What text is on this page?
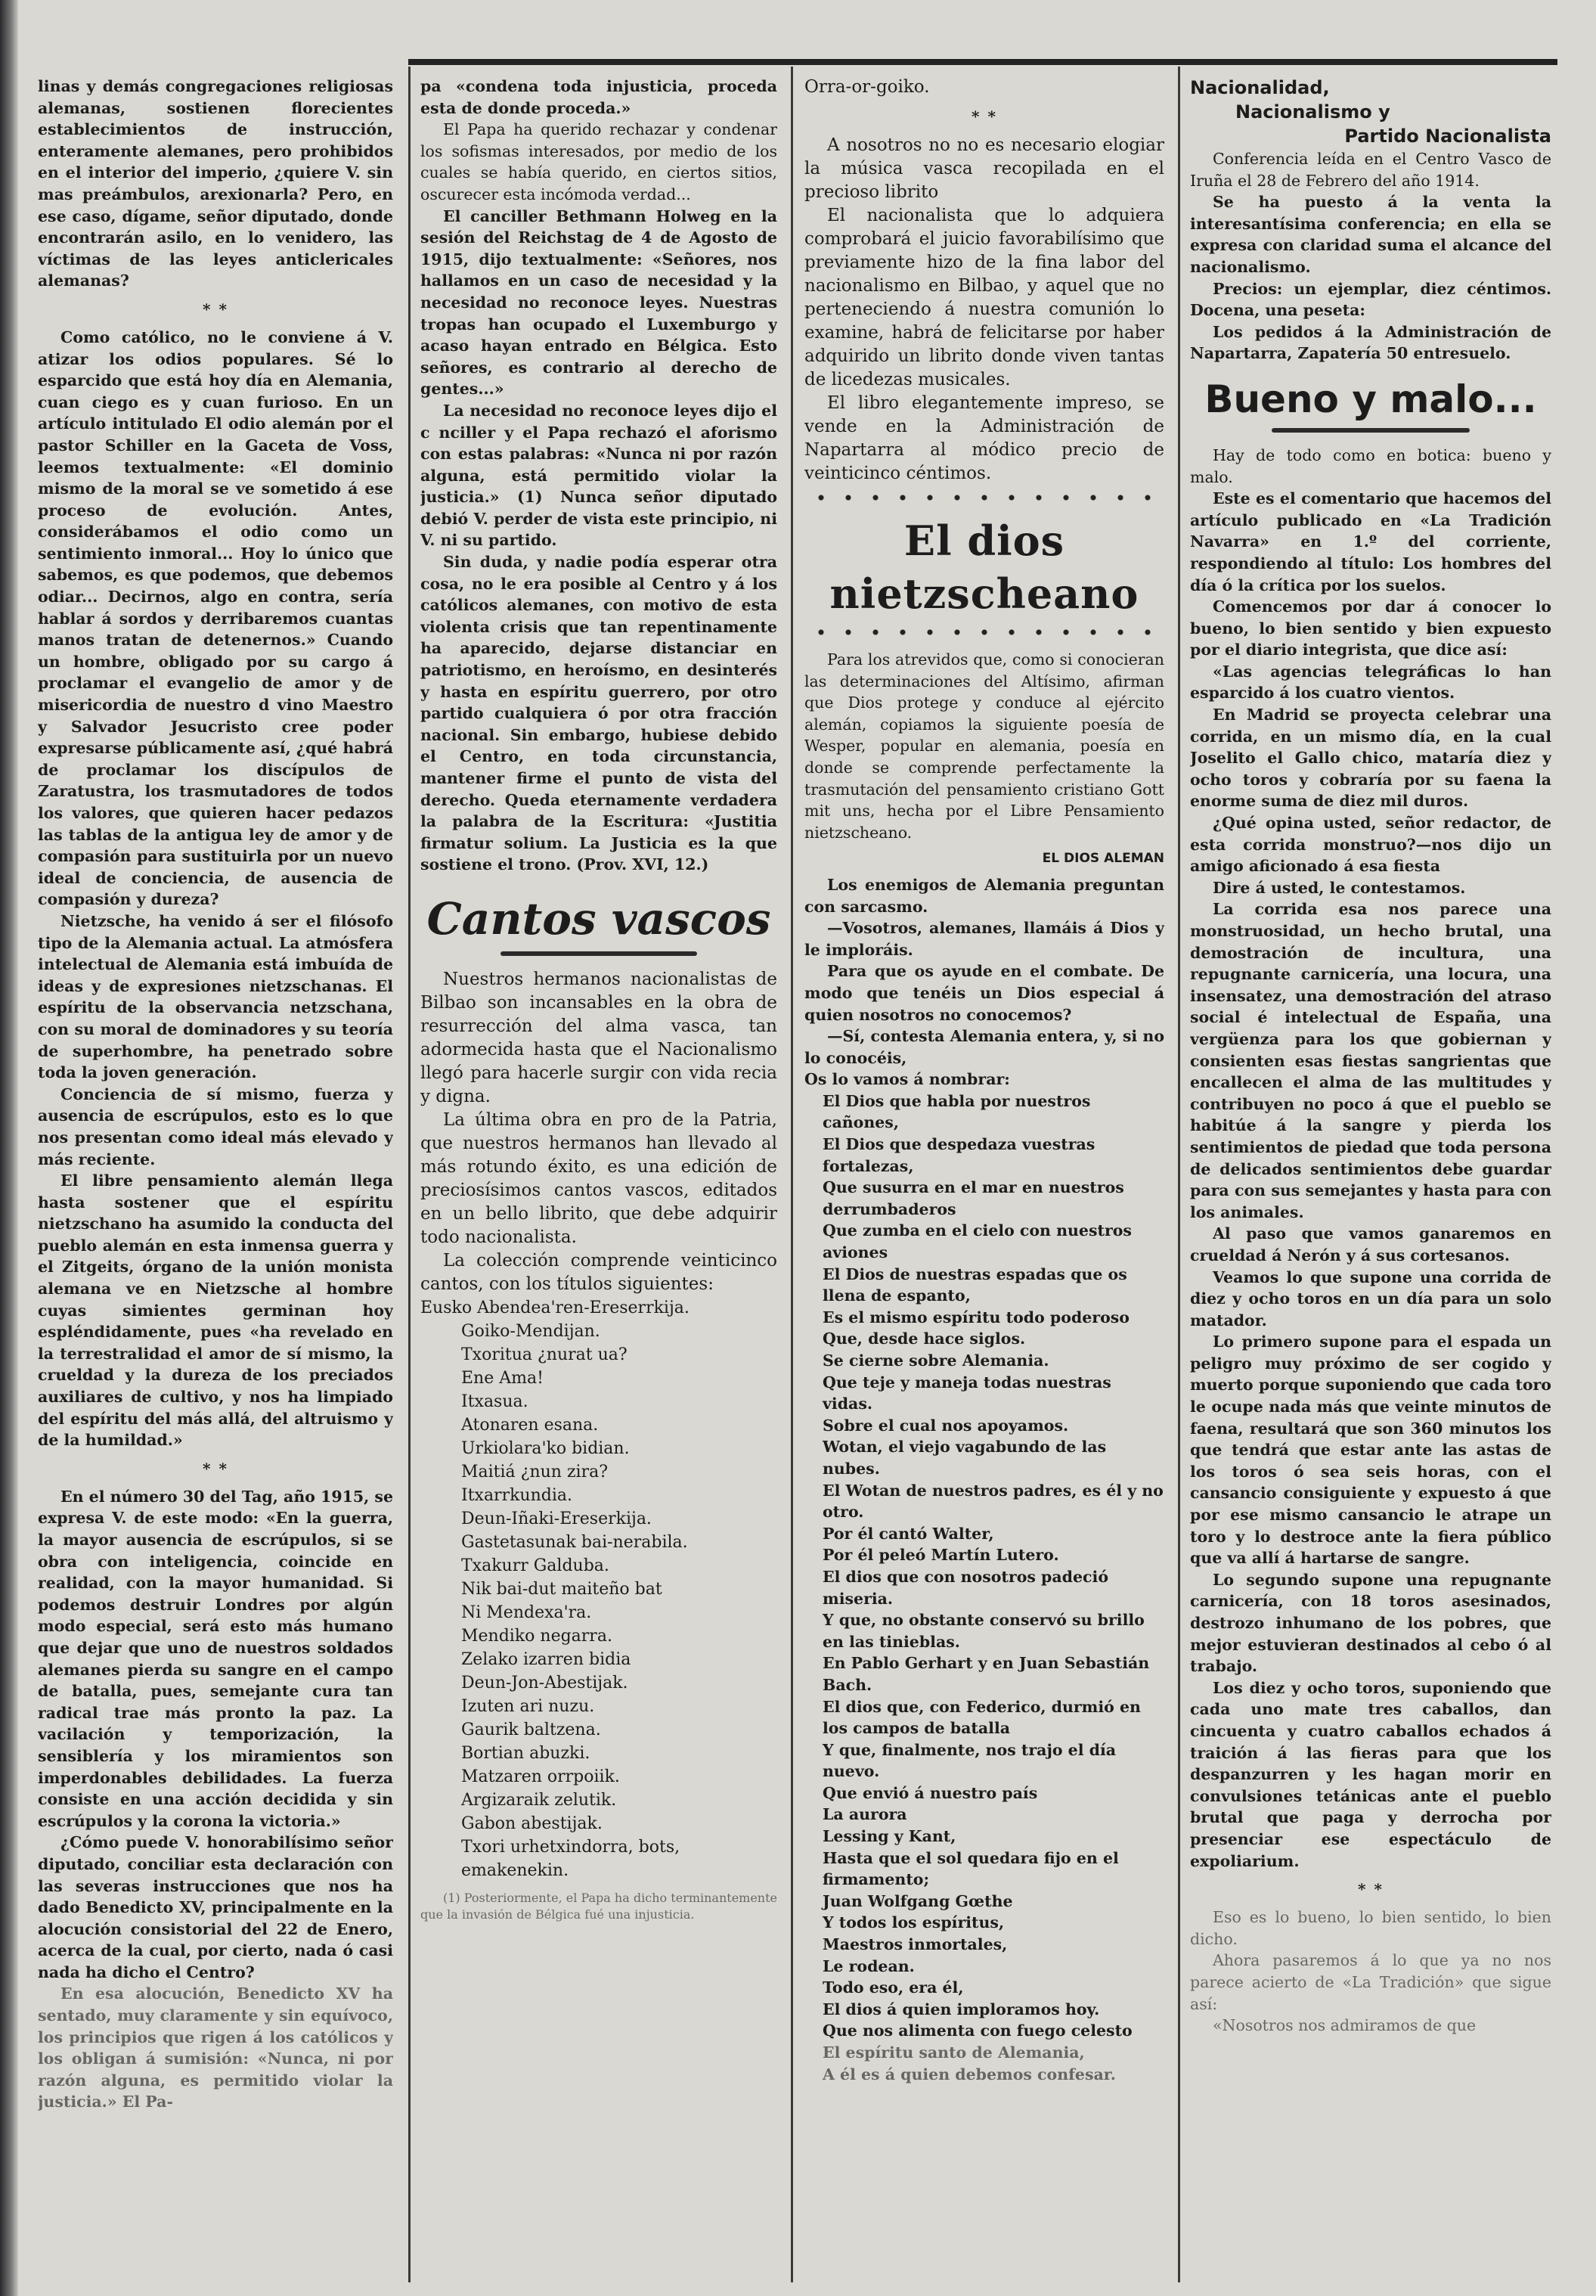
linas y demás congregaciones religiosas alemanas, sostienen florecientes establecimientos de instrucción, enteramente alemanes, pero prohibidos en el interior del imperio, ¿quiere V. sin mas preámbulos, arexionarla? Pero, en ese caso, dígame, señor diputado, donde encontrarán asilo, en lo venidero, las víctimas de las leyes anticlericales alemanas?

* *

Como católico, no le conviene á V. atizar los odios populares. Sé lo esparcido que está hoy día en Alemania, cuan ciego es y cuan furioso. En un artículo intitulado El odio alemán por el pastor Schiller en la Gaceta de Voss, leemos textualmente: «El dominio mismo de la moral se ve sometido á ese proceso de evolución. Antes, considerábamos el odio como un sentimiento inmoral... Hoy lo único que sabemos, es que podemos, que debemos odiar... Decirnos, algo en contra, sería hablar á sordos y derribaremos cuantas manos tratan de detenernos.» Cuando un hombre, obligado por su cargo á proclamar el evangelio de amor y de misericordia de nuestro d vino Maestro y Salvador Jesucristo cree poder expresarse públicamente así, ¿qué habrá de proclamar los discípulos de Zaratustra, los trasmutadores de todos los valores, que quieren hacer pedazos las tablas de la antigua ley de amor y de compasión para sustituirla por un nuevo ideal de conciencia, de ausencia de compasión y dureza?

Nietzsche, ha venido á ser el filósofo tipo de la Alemania actual. La atmósfera intelectual de Alemania está imbuída de ideas y de expresiones nietzschanas. El espíritu de la observancia netzschana, con su moral de dominadores y su teoría de superhombre, ha penetrado sobre toda la joven generación.

Conciencia de sí mismo, fuerza y ausencia de escrúpulos, esto es lo que nos presentan como ideal más elevado y más reciente.

El libre pensamiento alemán llega hasta sostener que el espíritu nietzschano ha asumido la conducta del pueblo alemán en esta inmensa guerra y el Zitgeits, órgano de la unión monista alemana ve en Nietzsche al hombre cuyas simientes germinan hoy espléndidamente, pues «ha revelado en la terrestralidad el amor de sí mismo, la crueldad y la dureza de los preciados auxiliares de cultivo, y nos ha limpiado del espíritu del más allá, del altruismo y de la humildad.»

* *

En el número 30 del Tag, año 1915, se expresa V. de este modo: «En la guerra, la mayor ausencia de escrúpulos, si se obra con inteligencia, coincide en realidad, con la mayor humanidad. Si podemos destruir Londres por algún modo especial, será esto más humano que dejar que uno de nuestros soldados alemanes pierda su sangre en el campo de batalla, pues, semejante cura tan radical trae más pronto la paz. La vacilación y temporización, la sensiblería y los miramientos son imperdonables debilidades. La fuerza consiste en una acción decidida y sin escrúpulos y la corona la victoria.»

¿Cómo puede V. honorabilísimo señor diputado, conciliar esta declaración con las severas instrucciones que nos ha dado Benedicto XV, principalmente en la alocución consistorial del 22 de Enero, acerca de la cual, por cierto, nada ó casi nada ha dicho el Centro?

En esa alocución, Benedicto XV ha sentado, muy claramente y sin equívoco, los principios que rigen á los católicos y los obligan á sumisión: «Nunca, ni por razón alguna, es permitido violar la justicia.» El Pa-

pa «condena toda injusticia, proceda esta de donde proceda.»

El Papa ha querido rechazar y condenar los sofismas interesados, por medio de los cuales se había querido, en ciertos sitios, oscurecer esta incómoda verdad...

El canciller Bethmann Holweg en la sesión del Reichstag de 4 de Agosto de 1915, dijo textualmente: «Señores, nos hallamos en un caso de necesidad y la necesidad no reconoce leyes. Nuestras tropas han ocupado el Luxemburgo y acaso hayan entrado en Bélgica. Esto señores, es contrario al derecho de gentes...»

La necesidad no reconoce leyes dijo el c nciller y el Papa rechazó el aforismo con estas palabras: «Nunca ni por razón alguna, está permitido violar la justicia.» (1) Nunca señor diputado debió V. perder de vista este principio, ni V. ni su partido.

Sin duda, y nadie podía esperar otra cosa, no le era posible al Centro y á los católicos alemanes, con motivo de esta violenta crisis que tan repentinamente ha aparecido, dejarse distanciar en patriotismo, en heroísmo, en desinterés y hasta en espíritu guerrero, por otro partido cualquiera ó por otra fracción nacional. Sin embargo, hubiese debido el Centro, en toda circunstancia, mantener firme el punto de vista del derecho. Queda eternamente verdadera la palabra de la Escritura: «Justitia firmatur solium. La Justicia es la que sostiene el trono. (Prov. XVI, 12.)

Cantos vascos

Nuestros hermanos nacionalistas de Bilbao son incansables en la obra de resurrección del alma vasca, tan adormecida hasta que el Nacionalismo llegó para hacerle surgir con vida recia y digna.

La última obra en pro de la Patria, que nuestros hermanos han llevado al más rotundo éxito, es una edición de preciosísimos cantos vascos, editados en un bello librito, que debe adquirir todo nacionalista.

La colección comprende veinticinco cantos, con los títulos siguientes:

Eusko Abendea'ren-Ereserrkija.

Goiko-Mendijan.

Txoritua ¿nurat ua?

Ene Ama!

Itxasua.

Atonaren esana.

Urkiolara'ko bidian.

Maitiá ¿nun zira?

Itxarrkundia.

Deun-Iñaki-Ereserkija.

Gastetasunak bai-nerabila.

Txakurr Galduba.

Nik bai-dut maiteño bat

Ni Mendexa'ra.

Mendiko negarra.

Zelako izarren bidia

Deun-Jon-Abestijak.

Izuten ari nuzu.

Gaurik baltzena.

Bortian abuzki.

Matzaren orrpoiik.

Argizaraik zelutik.

Gabon abestijak.

Txori urhetxindorra, bots, emakenekin.

(1) Posteriormente, el Papa ha dicho terminantemente que la invasión de Bélgica fué una injusticia.

Orra-or-goiko.

* *

A nosotros no no es necesario elogiar la música vasca recopilada en el precioso librito

El nacionalista que lo adquiera comprobará el juicio favorabilísimo que previamente hizo de la fina labor del nacionalismo en Bilbao, y aquel que no perteneciendo á nuestra comunión lo examine, habrá de felicitarse por haber adquirido un librito donde viven tantas de licedezas musicales.

El libro elegantemente impreso, se vende en la Administración de Napartarra al módico precio de veinticinco céntimos.

El dios nietzscheano

Para los atrevidos que, como si conocieran las determinaciones del Altísimo, afirman que Dios protege y conduce al ejército alemán, copiamos la siguiente poesía de Wesper, popular en alemania, poesía en donde se comprende perfectamente la trasmutación del pensamiento cristiano Gott mit uns, hecha por el Libre Pensamiento nietzscheano.

EL DIOS ALEMAN

Los enemigos de Alemania preguntan con sarcasmo.

—Vosotros, alemanes, llamáis á Dios y le imploráis.

Para que os ayude en el combate. De modo que tenéis un Dios especial á quien nosotros no conocemos?

—Sí, contesta Alemania entera, y, si no lo conocéis,

Os lo vamos á nombrar:

El Dios que habla por nuestros cañones,

El Dios que despedaza vuestras fortalezas,

Que susurra en el mar en nuestros derrumbaderos

Que zumba en el cielo con nuestros aviones

El Dios de nuestras espadas que os llena de espanto,

Es el mismo espíritu todo poderoso

Que, desde hace siglos.

Se cierne sobre Alemania.

Que teje y maneja todas nuestras vidas.

Sobre el cual nos apoyamos.

Wotan, el viejo vagabundo de las nubes.

El Wotan de nuestros padres, es él y no otro.

Por él cantó Walter,

Por él peleó Martín Lutero.

El dios que con nosotros padeció miseria.

Y que, no obstante conservó su brillo en las tinieblas.

En Pablo Gerhart y en Juan Sebastián Bach.

El dios que, con Federico, durmió en los campos de batalla

Y que, finalmente, nos trajo el día nuevo.

Que envió á nuestro país

La aurora

Lessing y Kant,

Hasta que el sol quedara fijo en el firmamento;

Juan Wolfgang Gœthe

Y todos los espíritus,

Maestros inmortales,

Le rodean.

Todo eso, era él,

El dios á quien imploramos hoy.

Que nos alimenta con fuego celesto

El espíritu santo de Alemania,

A él es á quien debemos confesar.

Nacionalidad,
Nacionalismo y
Partido Nacionalista

Conferencia leída en el Centro Vasco de Iruña el 28 de Febrero del año 1914.

Se ha puesto á la venta la interesantísima conferencia; en ella se expresa con claridad suma el alcance del nacionalismo.

Precios: un ejemplar, diez céntimos. Docena, una peseta:

Los pedidos á la Administración de Napartarra, Zapatería 50 entresuelo.

Bueno y malo...

Hay de todo como en botica: bueno y malo.

Este es el comentario que hacemos del artículo publicado en «La Tradición Navarra» en 1.º del corriente, respondiendo al título: Los hombres del día ó la crítica por los suelos.

Comencemos por dar á conocer lo bueno, lo bien sentido y bien expuesto por el diario integrista, que dice así:

«Las agencias telegráficas lo han esparcido á los cuatro vientos.

En Madrid se proyecta celebrar una corrida, en un mismo día, en la cual Joselito el Gallo chico, mataría diez y ocho toros y cobraría por su faena la enorme suma de diez mil duros.

¿Qué opina usted, señor redactor, de esta corrida monstruo?—nos dijo un amigo aficionado á esa fiesta

Dire á usted, le contestamos.

La corrida esa nos parece una monstruosidad, un hecho brutal, una demostración de incultura, una repugnante carnicería, una locura, una insensatez, una demostración del atraso social é intelectual de España, una vergüenza para los que gobiernan y consienten esas fiestas sangrientas que encallecen el alma de las multitudes y contribuyen no poco á que el pueblo se habitúe á la sangre y pierda los sentimientos de piedad que toda persona de delicados sentimientos debe guardar para con sus semejantes y hasta para con los animales.

Al paso que vamos ganaremos en crueldad á Nerón y á sus cortesanos.

Veamos lo que supone una corrida de diez y ocho toros en un día para un solo matador.

Lo primero supone para el espada un peligro muy próximo de ser cogido y muerto porque suponiendo que cada toro le ocupe nada más que veinte minutos de faena, resultará que son 360 minutos los que tendrá que estar ante las astas de los toros ó sea seis horas, con el cansancio consiguiente y expuesto á que por ese mismo cansancio le atrape un toro y lo destroce ante la fiera público que va allí á hartarse de sangre.

Lo segundo supone una repugnante carnicería, con 18 toros asesinados, destrozo inhumano de los pobres, que mejor estuvieran destinados al cebo ó al trabajo.

Los diez y ocho toros, suponiendo que cada uno mate tres caballos, dan cincuenta y cuatro caballos echados á traición á las fieras para que los despanzurren y les hagan morir en convulsiones tetánicas ante el pueblo brutal que paga y derrocha por presenciar ese espectáculo de expoliarium.

* *

Eso es lo bueno, lo bien sentido, lo bien dicho.

Ahora pasaremos á lo que ya no nos parece acierto de «La Tradición» que sigue así:

«Nosotros nos admiramos de que
